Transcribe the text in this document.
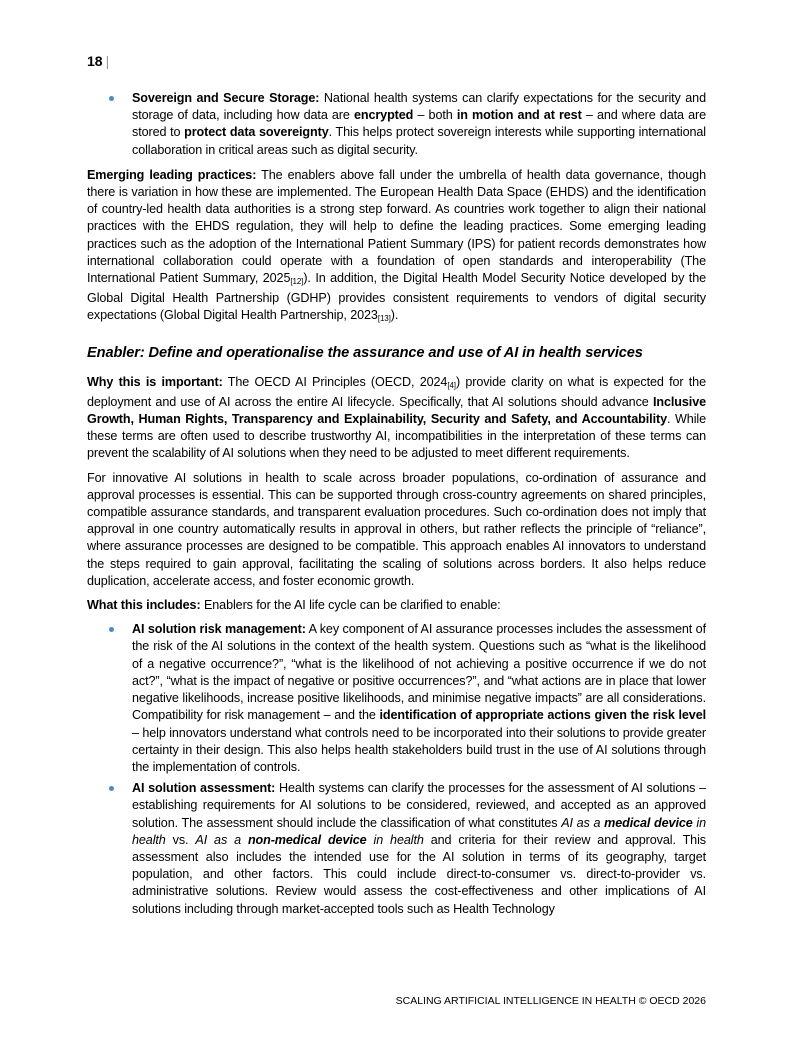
18 |
Sovereign and Secure Storage: National health systems can clarify expectations for the security and storage of data, including how data are encrypted – both in motion and at rest – and where data are stored to protect data sovereignty. This helps protect sovereign interests while supporting international collaboration in critical areas such as digital security.

Emerging leading practices: The enablers above fall under the umbrella of health data governance, though there is variation in how these are implemented. The European Health Data Space (EHDS) and the identification of country-led health data authorities is a strong step forward. As countries work together to align their national practices with the EHDS regulation, they will help to define the leading practices. Some emerging leading practices such as the adoption of the International Patient Summary (IPS) for patient records demonstrates how international collaboration could operate with a foundation of open standards and interoperability (The International Patient Summary, $2025_{[12]}$). In addition, the Digital Health Model Security Notice developed by the Global Digital Health Partnership (GDHP) provides consistent requirements to vendors of digital security expectations (Global Digital Health Partnership, $2023_{[13]}$).

Enabler: Define and operationalise the assurance and use of AI in health services

Why this is important: The OECD AI Principles (OECD, $2024_{[4]}$) provide clarity on what is expected for the deployment and use of AI across the entire AI lifecycle. Specifically, that AI solutions should advance Inclusive Growth, Human Rights, Transparency and Explainability, Security and Safety, and Accountability. While these terms are often used to describe trustworthy AI, incompatibilities in the interpretation of these terms can prevent the scalability of AI solutions when they need to be adjusted to meet different requirements.

For innovative AI solutions in health to scale across broader populations, co-ordination of assurance and approval processes is essential. This can be supported through cross-country agreements on shared principles, compatible assurance standards, and transparent evaluation procedures. Such co-ordination does not imply that approval in one country automatically results in approval in others, but rather reflects the principle of “reliance”, where assurance processes are designed to be compatible. This approach enables AI innovators to understand the steps required to gain approval, facilitating the scaling of solutions across borders. It also helps reduce duplication, accelerate access, and foster economic growth.

What this includes: Enablers for the AI life cycle can be clarified to enable:

AI solution risk management: A key component of AI assurance processes includes the assessment of the risk of the AI solutions in the context of the health system. Questions such as “what is the likelihood of a negative occurrence?”, “what is the likelihood of not achieving a positive occurrence if we do not act?”, “what is the impact of negative or positive occurrences?”, and “what actions are in place that lower negative likelihoods, increase positive likelihoods, and minimise negative impacts” are all considerations. Compatibility for risk management – and the identification of appropriate actions given the risk level – help innovators understand what controls need to be incorporated into their solutions to provide greater certainty in their design. This also helps health stakeholders build trust in the use of AI solutions through the implementation of controls.
AI solution assessment: Health systems can clarify the processes for the assessment of AI solutions – establishing requirements for AI solutions to be considered, reviewed, and accepted as an approved solution. The assessment should include the classification of what constitutes AI as a medical device in health vs. AI as a non-medical device in health and criteria for their review and approval. This assessment also includes the intended use for the AI solution in terms of its geography, target population, and other factors. This could include direct-to-consumer vs. direct-to-provider vs. administrative solutions. Review would assess the cost-effectiveness and other implications of AI solutions including through market-accepted tools such as Health Technology
SCALING ARTIFICIAL INTELLIGENCE IN HEALTH © OECD 2026
